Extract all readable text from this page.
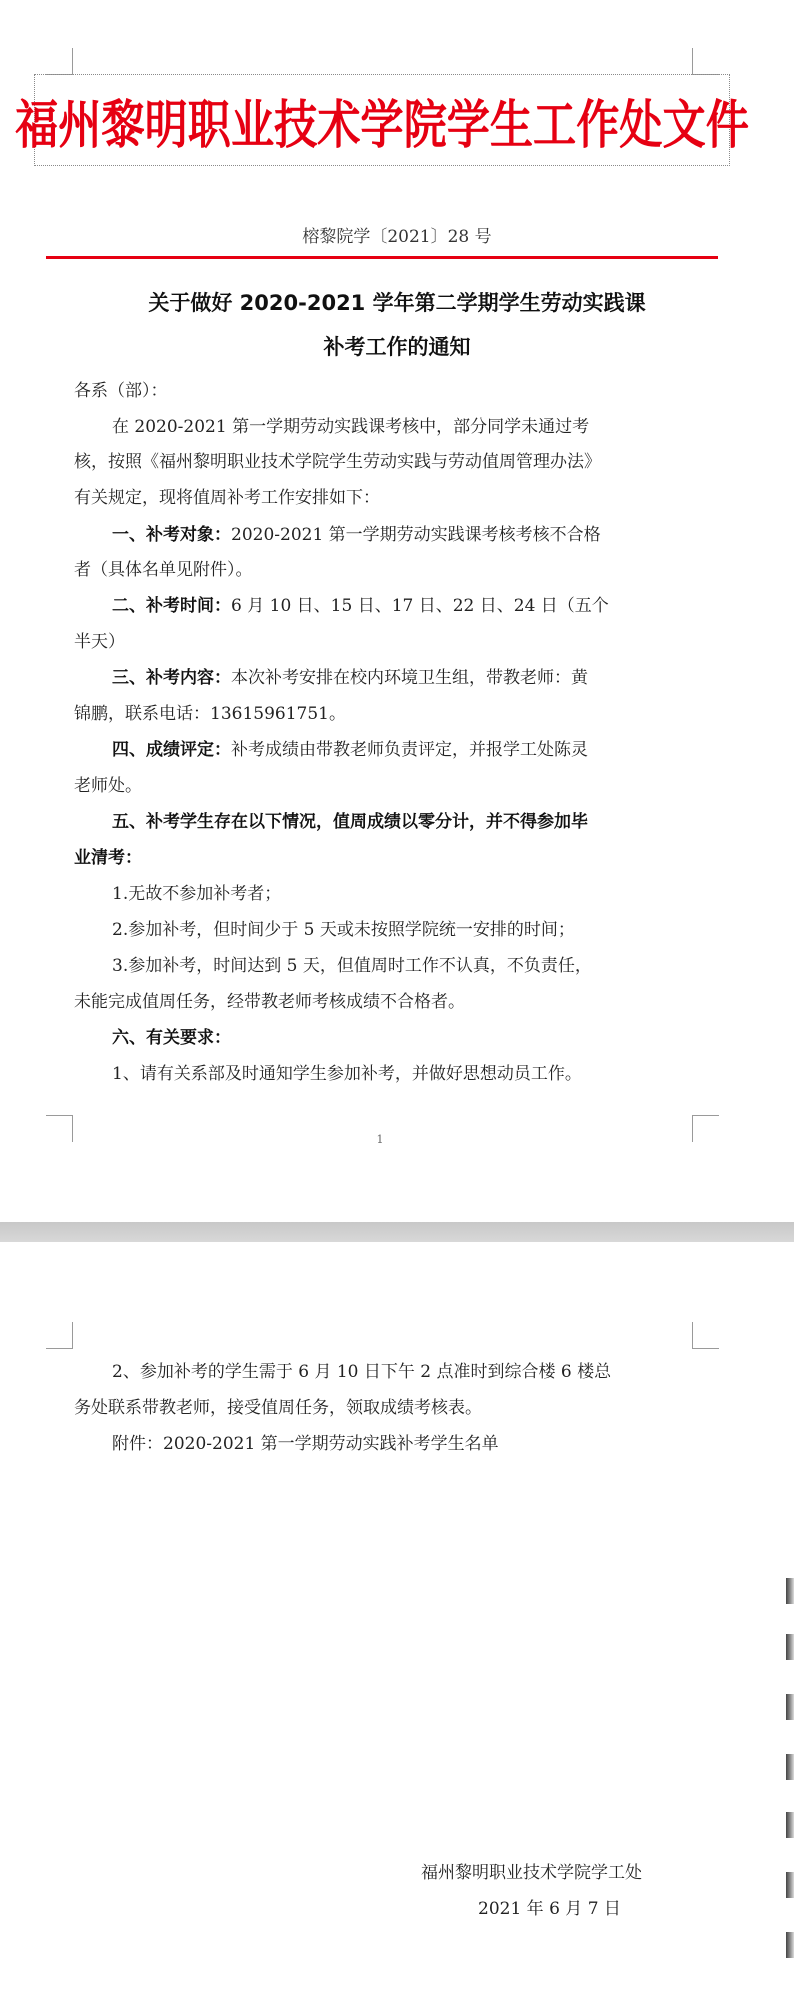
福州黎明职业技术学院学生工作处文件
榕黎院学〔2021〕28 号
关于做好 2020-2021 学年第二学期学生劳动实践课
补考工作的通知
各系（部）：
在 2020-2021 第一学期劳动实践课考核中，部分同学未通过考
核，按照《福州黎明职业技术学院学生劳动实践与劳动值周管理办法》
有关规定，现将值周补考工作安排如下：
一、补考对象：2020-2021 第一学期劳动实践课考核考核不合格
者（具体名单见附件）。
二、补考时间：6 月 10 日、15 日、17 日、22 日、24 日（五个
半天）
三、补考内容：本次补考安排在校内环境卫生组，带教老师：黄
锦鹏，联系电话：13615961751。
四、成绩评定：补考成绩由带教老师负责评定，并报学工处陈灵
老师处。
五、补考学生存在以下情况，值周成绩以零分计，并不得参加毕
业清考：
1.无故不参加补考者；
2.参加补考，但时间少于 5 天或未按照学院统一安排的时间；
3.参加补考，时间达到 5 天，但值周时工作不认真，不负责任，
未能完成值周任务，经带教老师考核成绩不合格者。
六、有关要求：
1、请有关系部及时通知学生参加补考，并做好思想动员工作。
1
2、参加补考的学生需于 6 月 10 日下午 2 点准时到综合楼 6 楼总
务处联系带教老师，接受值周任务，领取成绩考核表。
附件：2020-2021 第一学期劳动实践补考学生名单
福州黎明职业技术学院学工处
2021 年 6 月 7 日
